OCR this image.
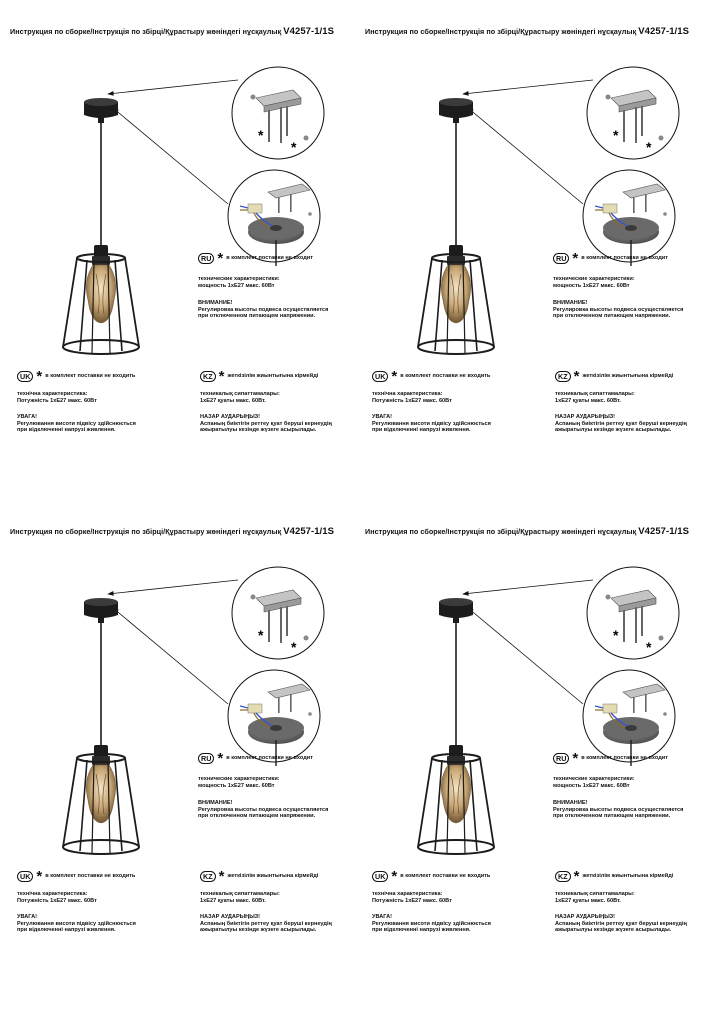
Инструкция по сборке/Інструкція по збірці/Құрастыру жөніндегі нұсқаулық V4257-1/1S
RU * в комплект поставки не входит

технические характеристики:

мощность 1хE27 макс. 60Вт

ВНИМАНИЕ!

Регулировка высоты подвеса осуществляется

при отключенном питающем напряжении.

UK * в комплект поставки не входить

технічна характеристика:

Потужність 1хE27 макс. 60Вт

УВАГА!

Регулювання висоти підвісу здійснюється

при відключенні напрузі живлення.

KZ * жеткізілім жиынтығына кірмейді

техникалық сипаттамалары:

1хE27 қуаты макс. 60Вт.

НАЗАР АУДАРЫҢЫЗ!

Аспаның биіктігін реттеу қуат беруші кернеудің

ажыратылуы кезінде жүзеге асырылады.

Инструкция по сборке/Інструкція по збірці/Құрастыру жөніндегі нұсқаулық V4257-1/1S
RU * в комплект поставки не входит

технические характеристики:

мощность 1хE27 макс. 60Вт

ВНИМАНИЕ!

Регулировка высоты подвеса осуществляется

при отключенном питающем напряжении.

UK * в комплект поставки не входить

технічна характеристика:

Потужність 1хE27 макс. 60Вт

УВАГА!

Регулювання висоти підвісу здійснюється

при відключенні напрузі живлення.

KZ * жеткізілім жиынтығына кірмейді

техникалық сипаттамалары:

1хE27 қуаты макс. 60Вт.

НАЗАР АУДАРЫҢЫЗ!

Аспаның биіктігін реттеу қуат беруші кернеудің

ажыратылуы кезінде жүзеге асырылады.

Инструкция по сборке/Інструкція по збірці/Құрастыру жөніндегі нұсқаулық V4257-1/1S
RU * в комплект поставки не входит

технические характеристики:

мощность 1хE27 макс. 60Вт

ВНИМАНИЕ!

Регулировка высоты подвеса осуществляется

при отключенном питающем напряжении.

UK * в комплект поставки не входить

технічна характеристика:

Потужність 1хE27 макс. 60Вт

УВАГА!

Регулювання висоти підвісу здійснюється

при відключенні напрузі живлення.

KZ * жеткізілім жиынтығына кірмейді

техникалық сипаттамалары:

1хE27 қуаты макс. 60Вт.

НАЗАР АУДАРЫҢЫЗ!

Аспаның биіктігін реттеу қуат беруші кернеудің

ажыратылуы кезінде жүзеге асырылады.

Инструкция по сборке/Інструкція по збірці/Құрастыру жөніндегі нұсқаулық V4257-1/1S
RU * в комплект поставки не входит

технические характеристики:

мощность 1хE27 макс. 60Вт

ВНИМАНИЕ!

Регулировка высоты подвеса осуществляется

при отключенном питающем напряжении.

UK * в комплект поставки не входить

технічна характеристика:

Потужність 1хE27 макс. 60Вт

УВАГА!

Регулювання висоти підвісу здійснюється

при відключенні напрузі живлення.

KZ * жеткізілім жиынтығына кірмейді

техникалық сипаттамалары:

1хE27 қуаты макс. 60Вт.

НАЗАР АУДАРЫҢЫЗ!

Аспаның биіктігін реттеу қуат беруші кернеудің

ажыратылуы кезінде жүзеге асырылады.
